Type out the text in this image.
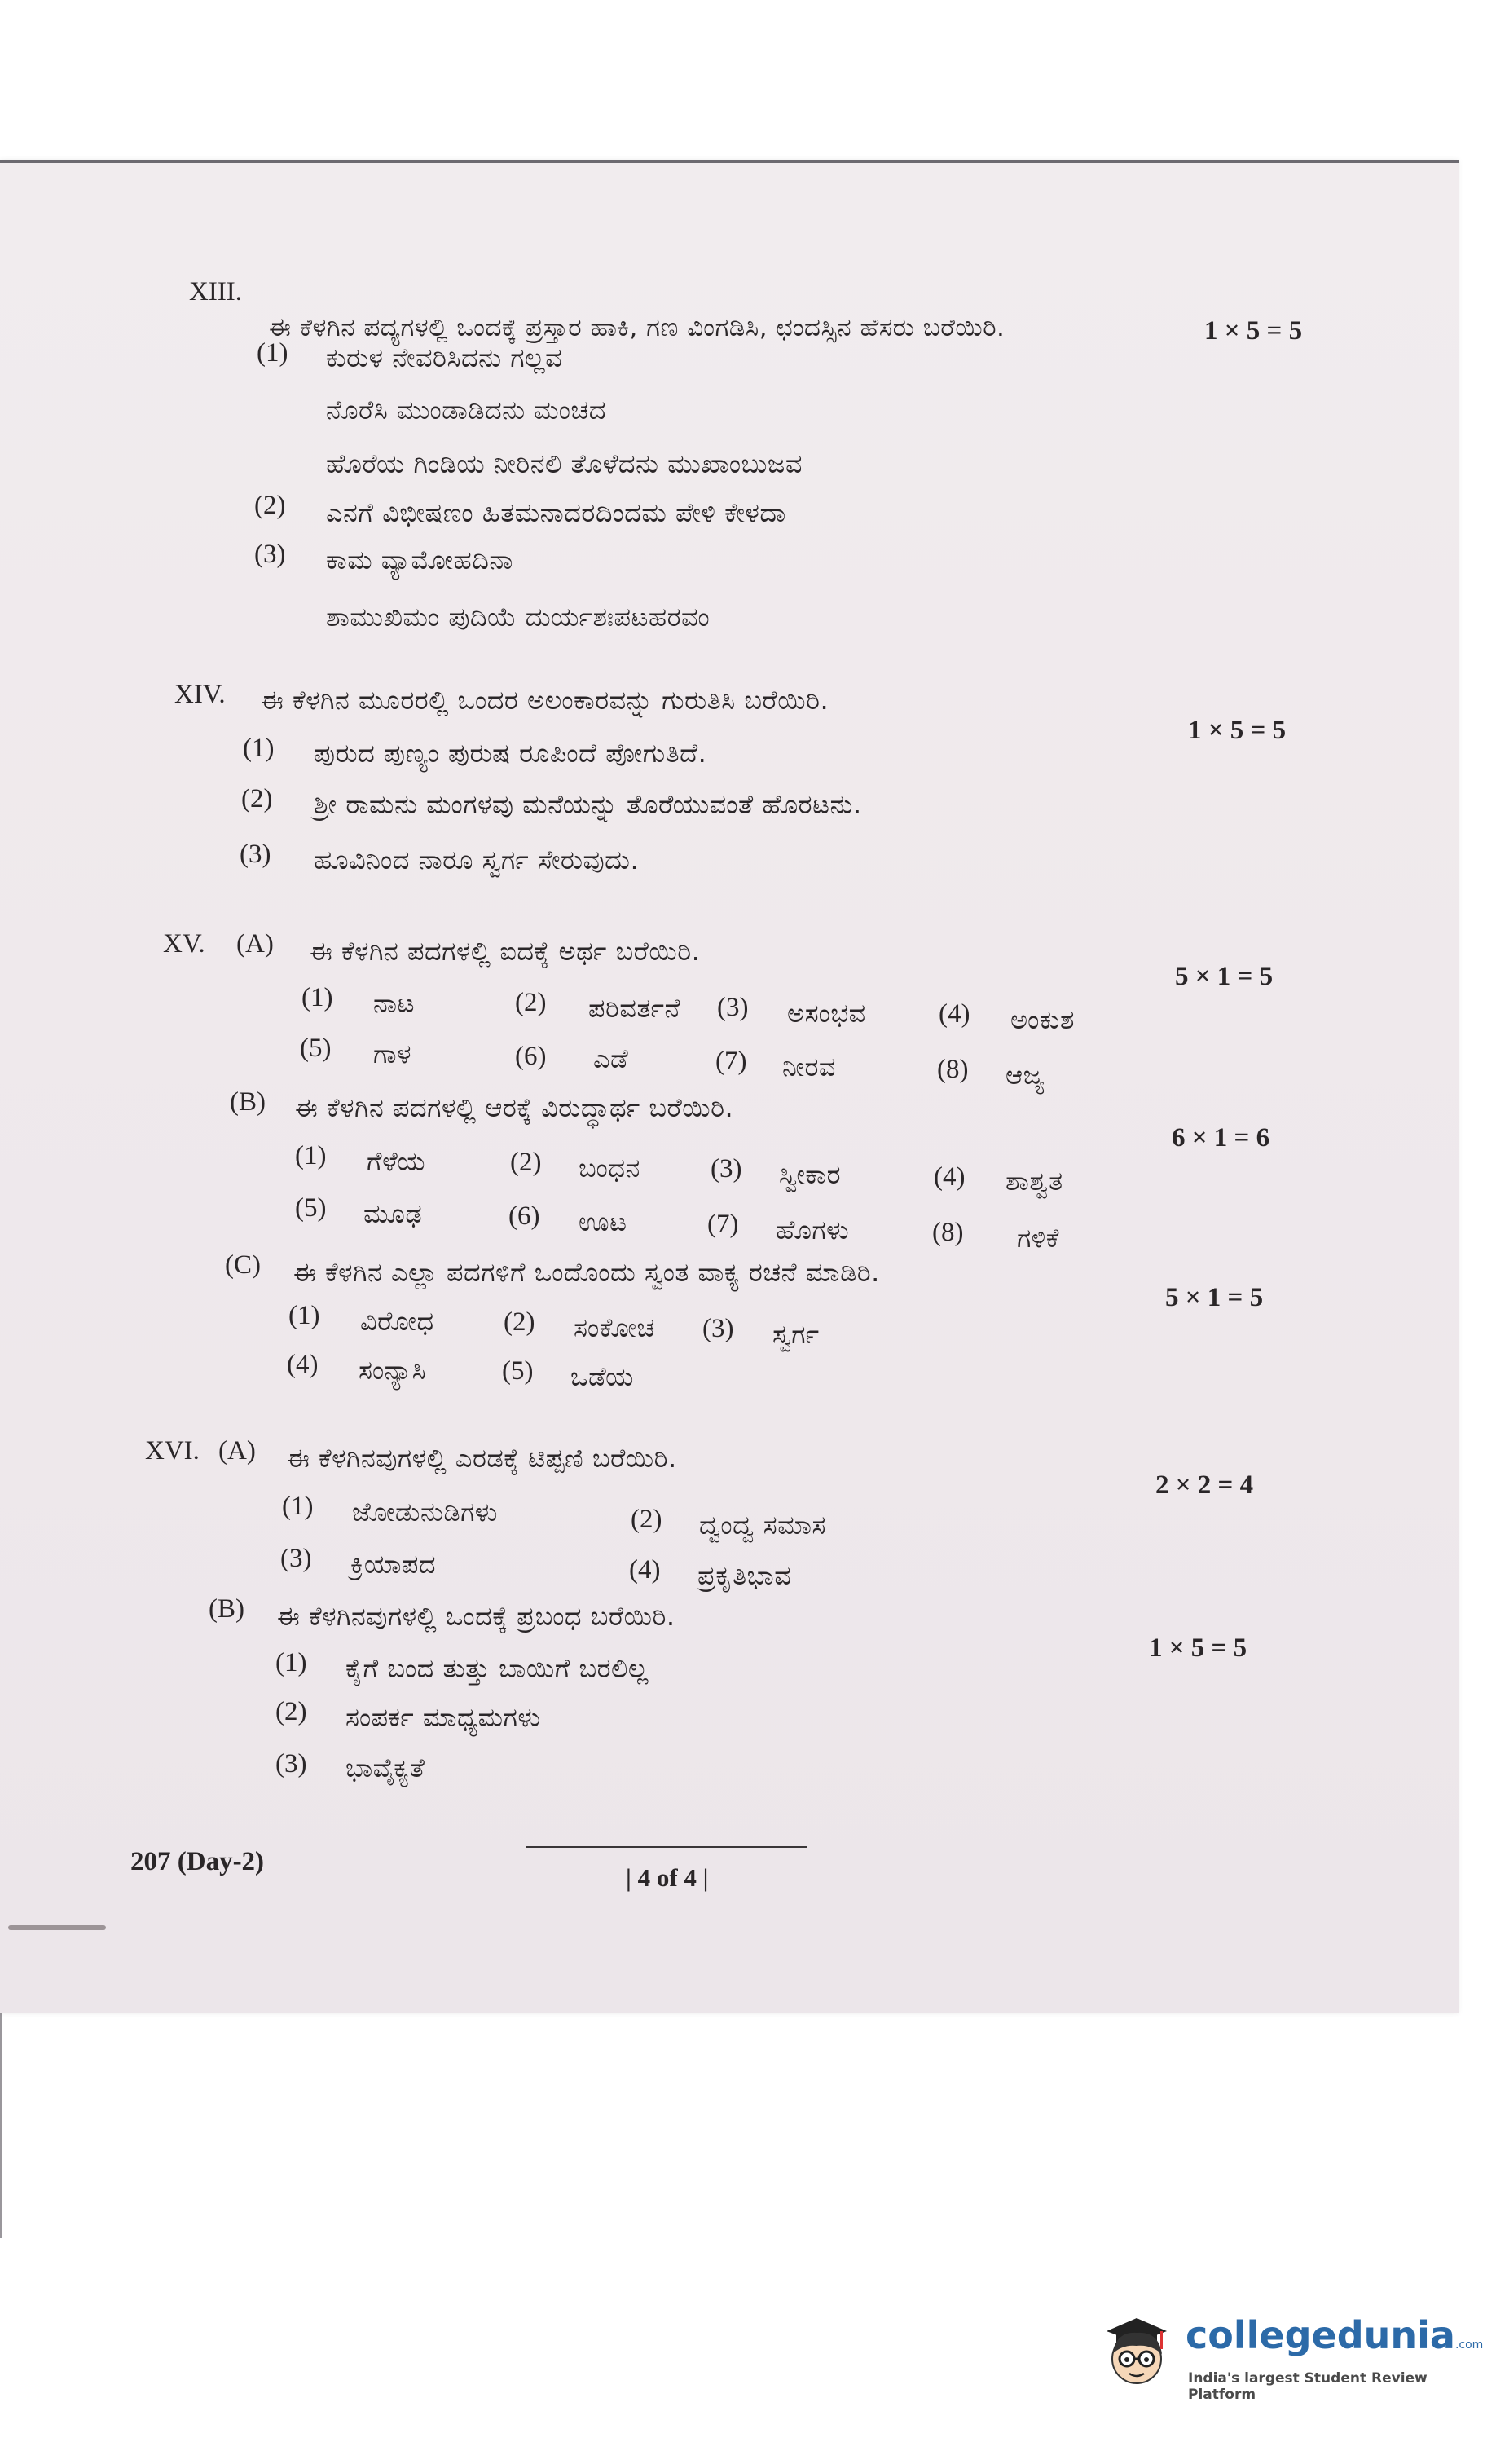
XIII.
ಈ ಕೆಳಗಿನ ಪದ್ಯಗಳಲ್ಲಿ ಒಂದಕ್ಕೆ ಪ್ರಸ್ತಾರ ಹಾಕಿ, ಗಣ ವಿಂಗಡಿಸಿ, ಛಂದಸ್ಸಿನ ಹೆಸರು ಬರೆಯಿರಿ.	1 × 5 = 5
(1) ಕುರುಳ ನೇವರಿಸಿದನು ಗಲ್ಲವ
ನೊರೆಸಿ ಮುಂಡಾಡಿದನು ಮಂಚದ
ಹೊರೆಯ ಗಿಂಡಿಯ ನೀರಿನಲಿ ತೊಳೆದನು ಮುಖಾಂಬುಜವ
(2) ಎನಗೆ ವಿಭೀಷಣಂ ಹಿತಮನಾದರದಿಂದಮ ಪೇಳಿ ಕೇಳದಾ
(3) ಕಾಮ ವ್ಯಾಮೋಹದಿನಾ
ಶಾಮುಖಿಮಂ ಪುದಿಯೆ ದುರ್ಯಶಃಪಟಹರವಂ
XIV. ಈ ಕೆಳಗಿನ ಮೂರರಲ್ಲಿ ಒಂದರ ಅಲಂಕಾರವನ್ನು ಗುರುತಿಸಿ ಬರೆಯಿರಿ.
1 × 5 = 5
(1) ಪುರುದ ಪುಣ್ಯಂ ಪುರುಷ ರೂಪಿಂದೆ ಪೋಗುತಿದೆ.
(2) ಶ್ರೀ ರಾಮನು ಮಂಗಳವು ಮನೆಯನ್ನು ತೊರೆಯುವಂತೆ ಹೊರಟನು.
(3) ಹೂವಿನಿಂದ ನಾರೂ ಸ್ವರ್ಗ ಸೇರುವುದು.
XV. (A) ಈ ಕೆಳಗಿನ ಪದಗಳಲ್ಲಿ ಐದಕ್ಕೆ ಅರ್ಥ ಬರೆಯಿರಿ.
5 × 1 = 5
(1) ನಾಟ	(2) ಪರಿವರ್ತನೆ (3) ಅಸಂಭವ	(4) ಅಂಕುಶ
(5) ಗಾಳ	(6) ಎಡೆ	(7) ನೀರವ	(8) ಆಜ್ಯ
(B) ಈ ಕೆಳಗಿನ ಪದಗಳಲ್ಲಿ ಆರಕ್ಕೆ ವಿರುದ್ಧಾರ್ಥ ಬರೆಯಿರಿ.
6 × 1 = 6
(1) ಗೆಳೆಯ	(2) ಬಂಧನ	(3) ಸ್ವೀಕಾರ	(4) ಶಾಶ್ವತ
(5) ಮೂಢ	(6) ಊಟ	(7) ಹೊಗಳು	(8) ಗಳಿಕೆ
(C) ಈ ಕೆಳಗಿನ ಎಲ್ಲಾ ಪದಗಳಿಗೆ ಒಂದೊಂದು ಸ್ವಂತ ವಾಕ್ಯ ರಚನೆ ಮಾಡಿರಿ.
5 × 1 = 5
(1) ವಿರೋಧ	(2) ಸಂಕೋಚ (3) ಸ್ವರ್ಗ
(4) ಸಂನ್ಯಾಸಿ	(5) ಒಡೆಯ
XVI. (A) ಈ ಕೆಳಗಿನವುಗಳಲ್ಲಿ ಎರಡಕ್ಕೆ ಟಿಪ್ಪಣಿ ಬರೆಯಿರಿ.
2 × 2 = 4
(1) ಜೋಡುನುಡಿಗಳು	(2) ದ್ವಂದ್ವ ಸಮಾಸ
(3) ಕ್ರಿಯಾಪದ	(4) ಪ್ರಕೃತಿಭಾವ
(B) ಈ ಕೆಳಗಿನವುಗಳಲ್ಲಿ ಒಂದಕ್ಕೆ ಪ್ರಬಂಧ ಬರೆಯಿರಿ.
1 × 5 = 5
(1) ಕೈಗೆ ಬಂದ ತುತ್ತು ಬಾಯಿಗೆ ಬರಲಿಲ್ಲ
(2) ಸಂಪರ್ಕ ಮಾಧ್ಯಮಗಳು
(3) ಭಾವೈಕ್ಯತೆ
207 (Day-2)
| 4 of 4 |
collegedunia.com
India's largest Student Review Platform
